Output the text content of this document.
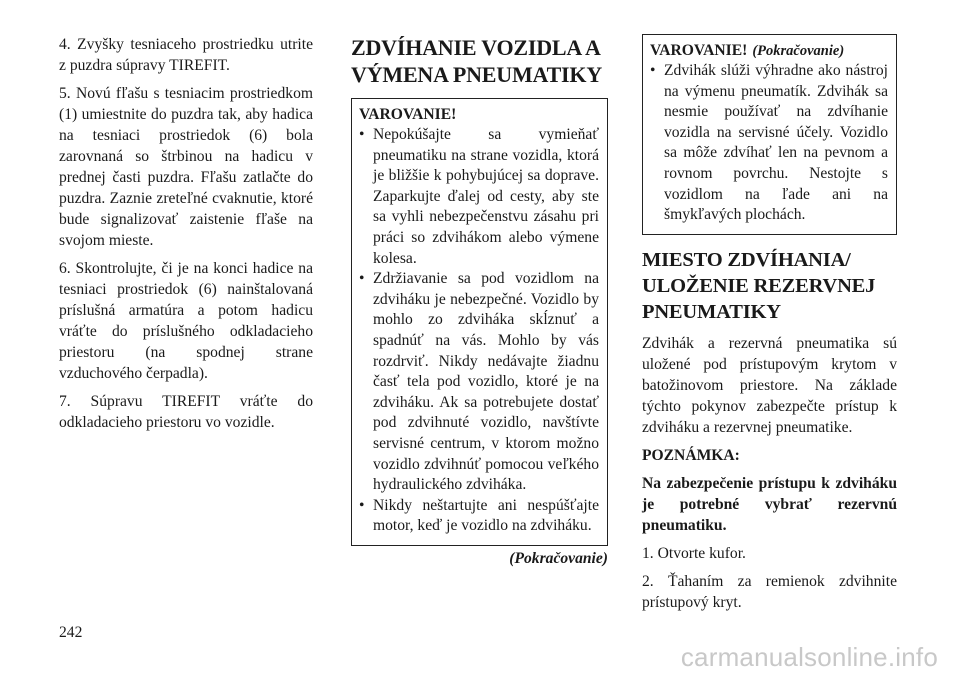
4. Zvyšky tesniaceho prostriedku utrite z puzdra súpravy TIREFIT.

5. Novú fľašu s tesniacim prostriedkom (1) umiestnite do puzdra tak, aby hadica na tesniaci prostriedok (6) bola zarovnaná so štrbinou na hadicu v prednej časti puzdra. Fľašu zatlačte do puzdra. Zaznie zreteľné cvaknutie, ktoré bude signalizovať zaistenie fľaše na svojom mieste.

6. Skontrolujte, či je na konci hadice na tesniaci prostriedok (6) nainštalovaná príslušná armatúra a potom hadicu vráťte do príslušného odkladacieho priestoru (na spodnej strane vzduchového čerpadla).

7. Súpravu TIREFIT vráťte do odkladacieho priestoru vo vozidle.

ZDVÍHANIE VOZIDLA A VÝMENA PNEUMATIKY
VAROVANIE!
• Nepokúšajte sa vymieňať pneumatiku na strane vozidla, ktorá je bližšie k pohybujúcej sa doprave. Zaparkujte ďalej od cesty, aby ste sa vyhli nebezpečenstvu zásahu pri práci so zdvihákom alebo výmene kolesa.
• Zdržiavanie sa pod vozidlom na zdviháku je nebezpečné. Vozidlo by mohlo zo zdviháka skĺznuť a spadnúť na vás. Mohlo by vás rozdrviť. Nikdy nedávajte žiadnu časť tela pod vozidlo, ktoré je na zdviháku. Ak sa potrebujete dostať pod zdvihnuté vozidlo, navštívte servisné centrum, v ktorom možno vozidlo zdvihnúť pomocou veľkého hydraulického zdviháka.
• Nikdy neštartujte ani nespúšťajte motor, keď je vozidlo na zdviháku.
(Pokračovanie)
VAROVANIE! (Pokračovanie)
• Zdvihák slúži výhradne ako nástroj na výmenu pneumatík. Zdvihák sa nesmie používať na zdvíhanie vozidla na servisné účely. Vozidlo sa môže zdvíhať len na pevnom a rovnom povrchu. Nestojte s vozidlom na ľade ani na šmykľavých plochách.
MIESTO ZDVÍHANIA/ ULOŽENIE REZERVNEJ PNEUMATIKY

Zdvihák a rezervná pneumatika sú uložené pod prístupovým krytom v batožinovom priestore. Na základe týchto pokynov zabezpečte prístup k zdviháku a rezervnej pneumatike.

POZNÁMKA:

Na zabezpečenie prístupu k zdviháku je potrebné vybrať rezervnú pneumatiku.

1. Otvorte kufor.

2. Ťahaním za remienok zdvihnite prístupový kryt.

242
carmanualsonline.info
